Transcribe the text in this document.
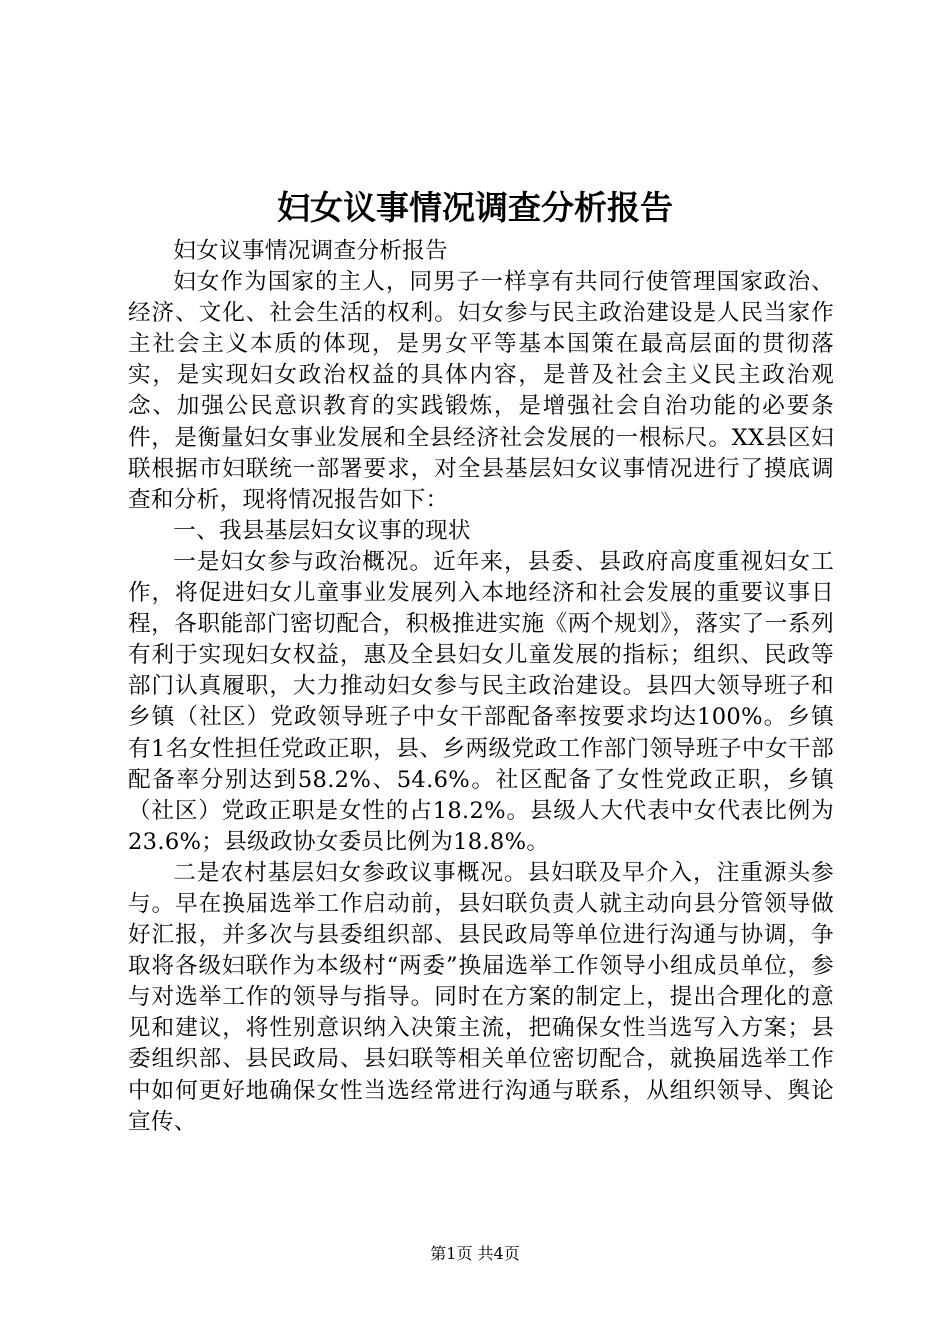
妇女议事情况调查分析报告

妇女议事情况调查分析报告

妇女作为国家的主人，同男子一样享有共同行使管理国家政治、经济、文化、社会生活的权利。妇女参与民主政治建设是人民当家作主社会主义本质的体现，是男女平等基本国策在最高层面的贯彻落实，是实现妇女政治权益的具体内容，是普及社会主义民主政治观念、加强公民意识教育的实践锻炼，是增强社会自治功能的必要条件，是衡量妇女事业发展和全县经济社会发展的一根标尺。XX县区妇联根据市妇联统一部署要求，对全县基层妇女议事情况进行了摸底调查和分析，现将情况报告如下：

一、我县基层妇女议事的现状

一是妇女参与政治概况。近年来，县委、县政府高度重视妇女工作，将促进妇女儿童事业发展列入本地经济和社会发展的重要议事日程，各职能部门密切配合，积极推进实施《两个规划》，落实了一系列有利于实现妇女权益，惠及全县妇女儿童发展的指标；组织、民政等部门认真履职，大力推动妇女参与民主政治建设。县四大领导班子和乡镇（社区）党政领导班子中女干部配备率按要求均达100%。乡镇有1名女性担任党政正职，县、乡两级党政工作部门领导班子中女干部配备率分别达到58.2%、54.6%。社区配备了女性党政正职，乡镇（社区）党政正职是女性的占18.2%。县级人大代表中女代表比例为23.6%；县级政协女委员比例为18.8%。

二是农村基层妇女参政议事概况。县妇联及早介入，注重源头参与。早在换届选举工作启动前，县妇联负责人就主动向县分管领导做好汇报，并多次与县委组织部、县民政局等单位进行沟通与协调，争取将各级妇联作为本级村“两委”换届选举工作领导小组成员单位，参与对选举工作的领导与指导。同时在方案的制定上，提出合理化的意见和建议，将性别意识纳入决策主流，把确保女性当选写入方案；县委组织部、县民政局、县妇联等相关单位密切配合，就换届选举工作中如何更好地确保女性当选经常进行沟通与联系，从组织领导、舆论宣传、

第1页 共4页
